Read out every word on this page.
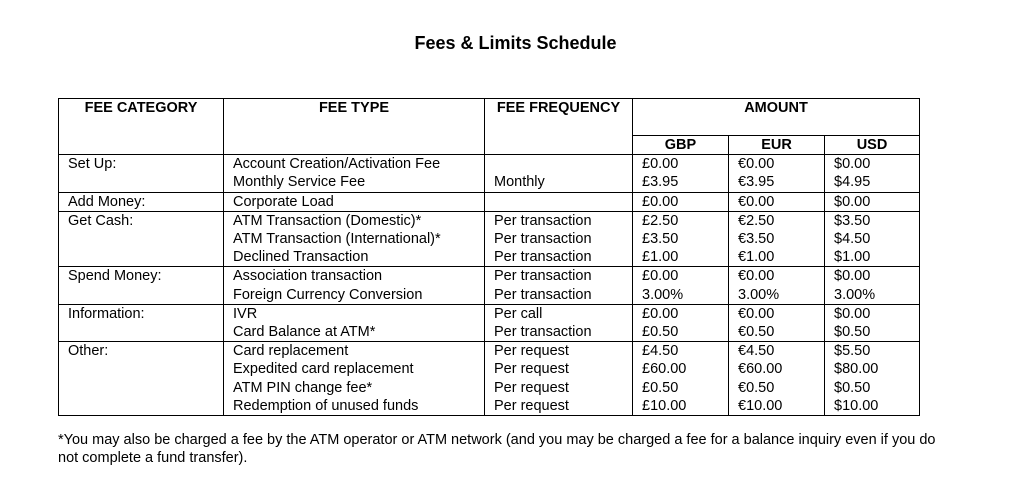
Fees & Limits Schedule
FEE CATEGORY	FEE TYPE	FEE FREQUENCY	AMOUNT		
			GBP	EUR	USD
Set Up:	Account Creation/Activation Fee		£0.00	€0.00	$0.00
	Monthly Service Fee	Monthly	£3.95	€3.95	$4.95
Add Money:	Corporate Load		£0.00	€0.00	$0.00
Get Cash:	ATM Transaction (Domestic)*	Per transaction	£2.50	€2.50	$3.50
	ATM Transaction (International)*	Per transaction	£3.50	€3.50	$4.50
	Declined Transaction	Per transaction	£1.00	€1.00	$1.00
Spend Money:	Association transaction	Per transaction	£0.00	€0.00	$0.00
	Foreign Currency Conversion	Per transaction	3.00%	3.00%	3.00%
Information:	IVR	Per call	£0.00	€0.00	$0.00
	Card Balance at ATM*	Per transaction	£0.50	€0.50	$0.50
Other:	Card replacement	Per request	£4.50	€4.50	$5.50
	Expedited card replacement	Per request	£60.00	€60.00	$80.00
	ATM PIN change fee*	Per request	£0.50	€0.50	$0.50
	Redemption of unused funds	Per request	£10.00	€10.00	$10.00
*You may also be charged a fee by the ATM operator or ATM network (and you may be charged a fee for a balance inquiry even if you do not complete a fund transfer).
